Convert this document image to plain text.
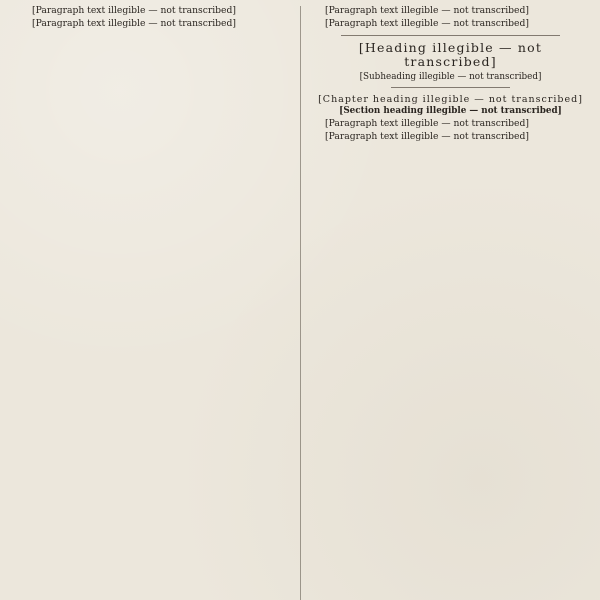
[Paragraph text illegible — not transcribed]

[Paragraph text illegible — not transcribed]

[Paragraph text illegible — not transcribed]

[Paragraph text illegible — not transcribed]

[Heading illegible — not transcribed]
[Subheading illegible — not transcribed]
[Chapter heading illegible — not transcribed]
[Section heading illegible — not transcribed]

[Paragraph text illegible — not transcribed]

[Paragraph text illegible — not transcribed]
